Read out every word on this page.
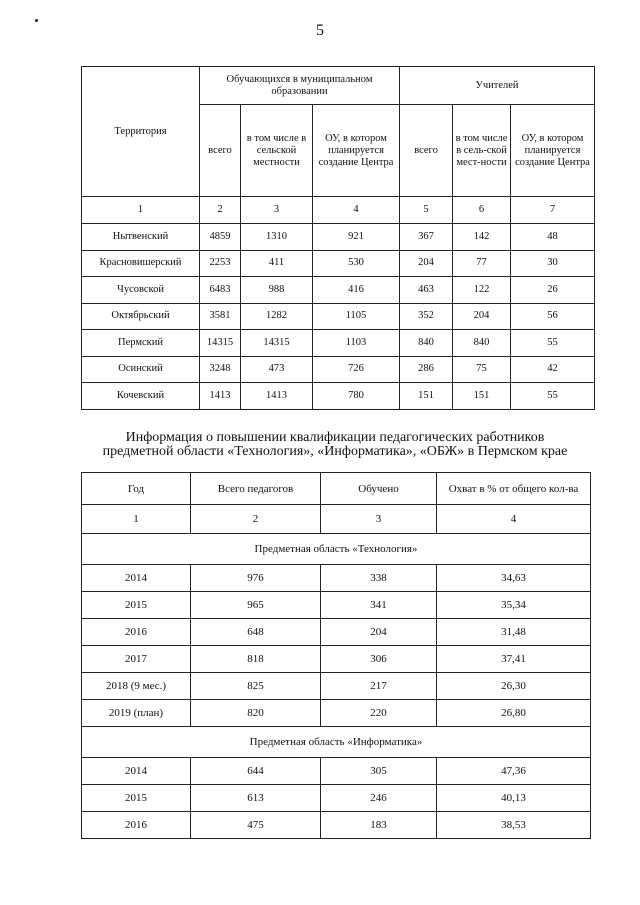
5
Территория	Обучающихся в муниципальном образовании			Учителей		
	всего	в том числе в сельской местности	ОУ, в котором планируется создание Центра	всего	в том числе в сель-ской мест-ности	ОУ, в котором планируется создание Центра
1	2	3	4	5	6	7
Нытвенский	4859	1310	921	367	142	48
Красновишерский	2253	411	530	204	77	30
Чусовской	6483	988	416	463	122	26
Октябрьский	3581	1282	1105	352	204	56
Пермский	14315	14315	1103	840	840	55
Осинский	3248	473	726	286	75	42
Кочевский	1413	1413	780	151	151	55
Информация о повышении квалификации педагогических работников
предметной области «Технология», «Информатика», «ОБЖ» в Пермском крае
Год	Всего педагогов	Обучено	Охват в % от общего кол-ва
1	2	3	4
Предметная область «Технология»			
2014	976	338	34,63
2015	965	341	35,34
2016	648	204	31,48
2017	818	306	37,41
2018 (9 мес.)	825	217	26,30
2019 (план)	820	220	26,80
Предметная область «Информатика»			
2014	644	305	47,36
2015	613	246	40,13
2016	475	183	38,53
